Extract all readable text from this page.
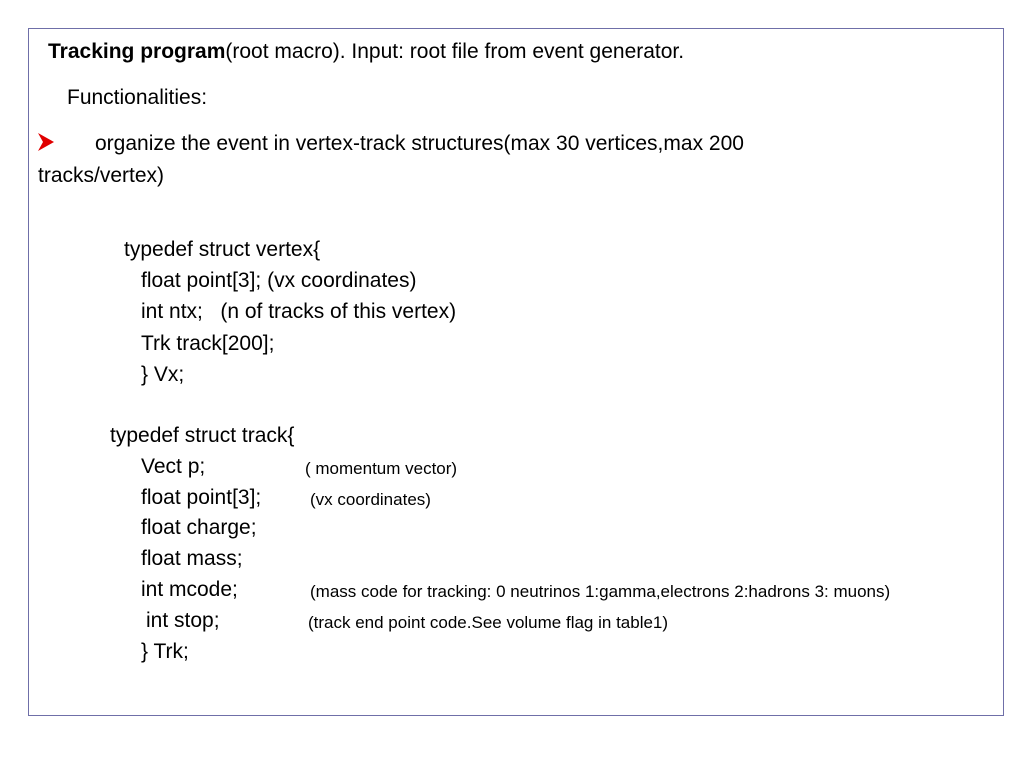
Tracking program(root macro). Input: root file from event generator.
Functionalities:
organize the event in vertex-track structures(max 30 vertices,max 200
tracks/vertex)
typedef struct vertex{
float point[3]; (vx coordinates)
int ntx;   (n of tracks of this vertex)
Trk track[200];
} Vx;
typedef struct track{
Vect p;	( momentum vector)
float point[3];	(vx coordinates)
float charge;
float mass;
int mcode;	(mass code for tracking: 0 neutrinos 1:gamma,electrons 2:hadrons 3: muons)
int stop;	(track end point code.See volume flag in table1)
} Trk;
